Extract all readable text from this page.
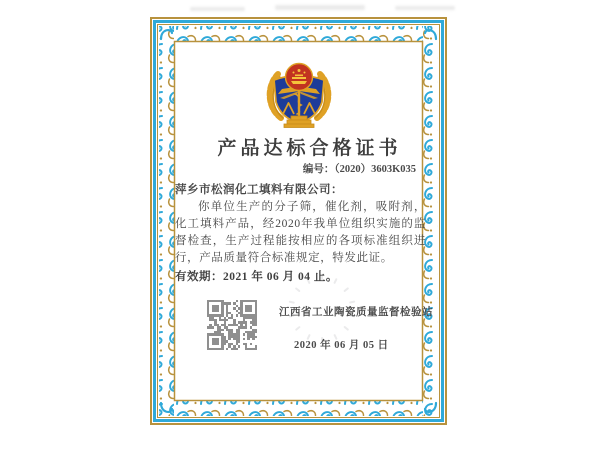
产品达标合格证书
编号：（2020）3603K035
萍乡市松润化工填料有限公司：
你单位生产的分子筛，催化剂，吸附剂，化工填料产品，经2020年我单位组织实施的监督检查，生产过程能按相应的各项标准组织进行，产品质量符合标准规定，特发此证。
有效期：2021 年 06 月 04 止。
江西省工业陶瓷质量监督检验站
2020 年 06 月 05 日
